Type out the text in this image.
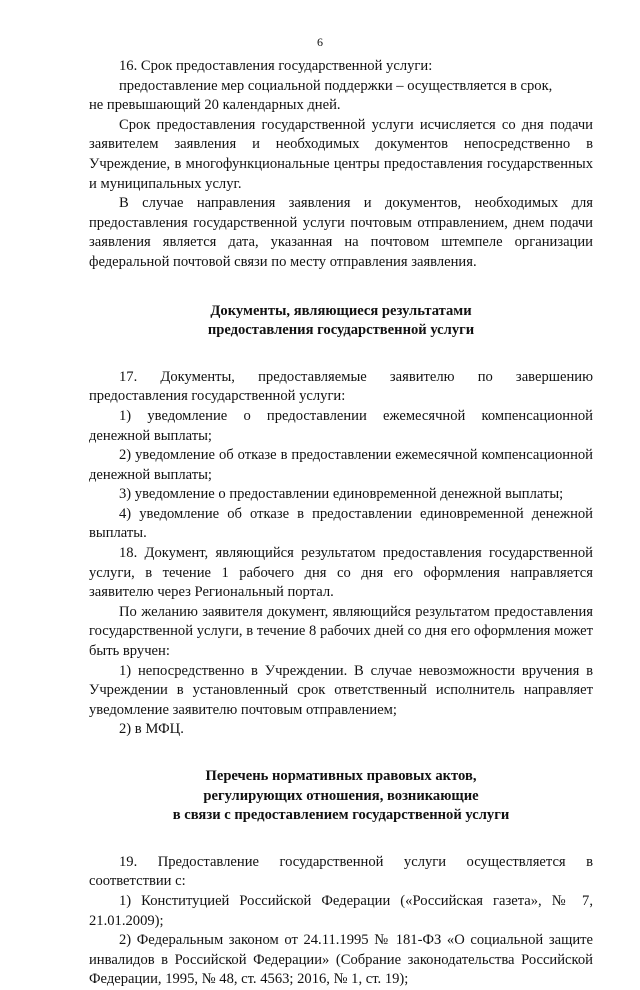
6

16. Срок предоставления государственной услуги:

предоставление мер социальной поддержки – осуществляется в срок,

не превышающий 20 календарных дней.

Срок предоставления государственной услуги исчисляется со дня подачи заявителем заявления и необходимых документов непосредственно в Учреждение, в многофункциональные центры предоставления государственных и муниципальных услуг.

В случае направления заявления и документов, необходимых для предоставления государственной услуги почтовым отправлением, днем подачи заявления является дата, указанная на почтовом штемпеле организации федеральной почтовой связи по месту отправления заявления.

Документы, являющиеся результатами

предоставления государственной услуги

17. Документы, предоставляемые заявителю по завершению предоставления государственной услуги:

1) уведомление о предоставлении ежемесячной компенсационной денежной выплаты;

2) уведомление об отказе в предоставлении ежемесячной компенсационной денежной выплаты;

3) уведомление о предоставлении единовременной денежной выплаты;

4) уведомление об отказе в предоставлении единовременной денежной выплаты.

18. Документ, являющийся результатом предоставления государственной услуги, в течение 1 рабочего дня со дня его оформления направляется заявителю через Региональный портал.

По желанию заявителя документ, являющийся результатом предоставления государственной услуги, в течение 8 рабочих дней со дня его оформления может быть вручен:

1) непосредственно в Учреждении. В случае невозможности вручения в Учреждении в установленный срок ответственный исполнитель направляет уведомление заявителю почтовым отправлением;

2) в МФЦ.

Перечень нормативных правовых актов,

регулирующих отношения, возникающие

в связи с предоставлением государственной услуги

19. Предоставление государственной услуги осуществляется в соответствии с:

1) Конституцией Российской Федерации («Российская газета», № 7, 21.01.2009);

2) Федеральным законом от 24.11.1995 № 181-ФЗ «О социальной защите инвалидов в Российской Федерации» (Собрание законодательства Российской Федерации, 1995, № 48, ст. 4563; 2016, № 1, ст. 19);
